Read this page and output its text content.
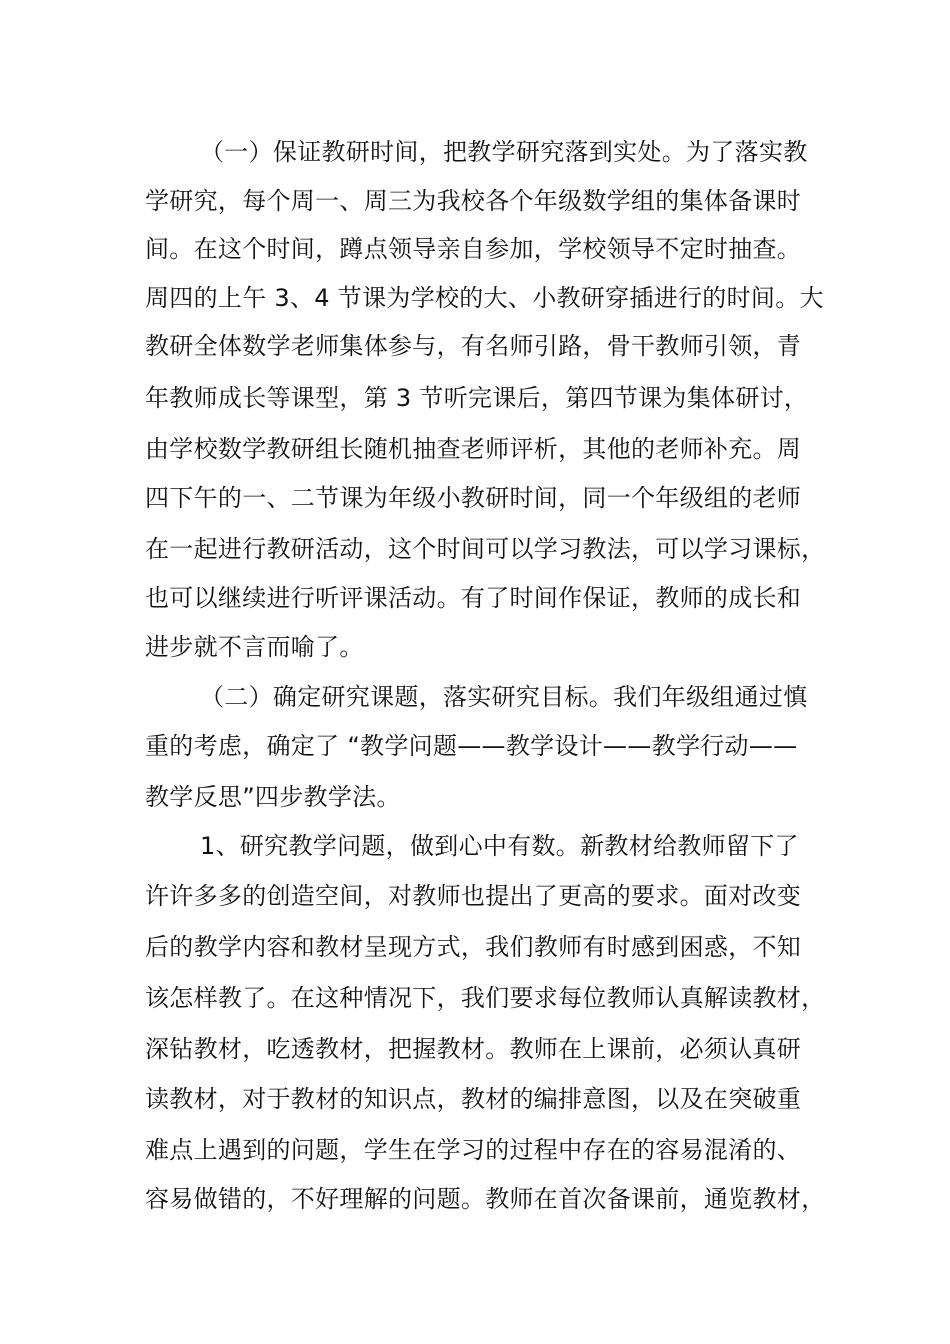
（一）保证教研时间，把教学研究落到实处。为了落实教
学研究，每个周一、周三为我校各个年级数学组的集体备课时
间。在这个时间，蹲点领导亲自参加，学校领导不定时抽查。
周四的上午 3、4 节课为学校的大、小教研穿插进行的时间。大
教研全体数学老师集体参与，有名师引路，骨干教师引领，青
年教师成长等课型，第 3 节听完课后，第四节课为集体研讨，
由学校数学教研组长随机抽查老师评析，其他的老师补充。周
四下午的一、二节课为年级小教研时间，同一个年级组的老师
在一起进行教研活动，这个时间可以学习教法，可以学习课标，
也可以继续进行听评课活动。有了时间作保证，教师的成长和
进步就不言而喻了。
（二）确定研究课题，落实研究目标。我们年级组通过慎
重的考虑，确定了 “教学问题——教学设计——教学行动——
教学反思”四步教学法。
1、研究教学问题，做到心中有数。新教材给教师留下了
许许多多的创造空间，对教师也提出了更高的要求。面对改变
后的教学内容和教材呈现方式，我们教师有时感到困惑，不知
该怎样教了。在这种情况下，我们要求每位教师认真解读教材，
深钻教材，吃透教材，把握教材。教师在上课前，必须认真研
读教材，对于教材的知识点，教材的编排意图，以及在突破重
难点上遇到的问题，学生在学习的过程中存在的容易混淆的、
容易做错的，不好理解的问题。教师在首次备课前，通览教材，
